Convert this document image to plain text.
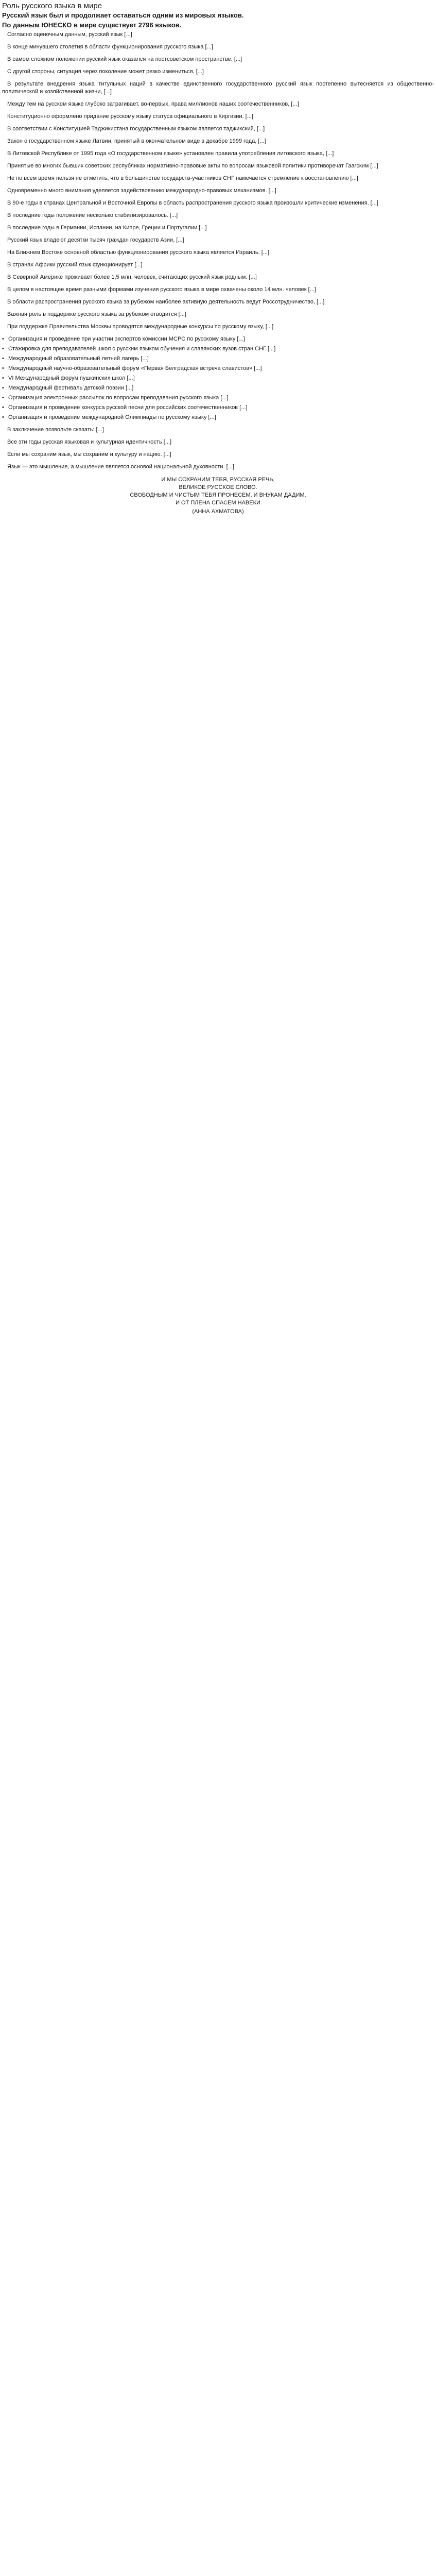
Роль русского языка в мире
Русский язык был и продолжает оставаться одним из мировых языков.
По данным ЮНЕСКО в мире существует 2796 языков.

Согласно оценочным данным, русский язык [...]

В конце минувшего столетия в области функционирования русского языка [...]

В самом сложном положении русский язык оказался на постсоветском пространстве. [...]

С другой стороны, ситуация через поколение может резко измениться, [...]

В результате внедрения языка титульных наций в качестве единственного государственного русский язык постепенно вытесняется из общественно-политической и хозяйственной жизни, [...]

Между тем на русском языке глубоко затрагивает, во-первых, права миллионов наших соотечественников, [...]

Конституционно оформлено придание русскому языку статуса официального в Киргизии. [...]

В соответствии с Конституцией Таджикистана государственным языком является таджикский, [...]

Закон о государственном языке Латвии, принятый в окончательном виде в декабре 1999 года, [...]

В Литовской Республике от 1995 года «О государственном языке» установлен правила употребления литовского языка, [...]

Принятые во многих бывших советских республиках нормативно-правовые акты по вопросам языковой политики противоречат Гаагским [...]

Не по всем время нельзя не отметить, что в большинстве государств-участников СНГ намечается стремление к восстановлению [...]

Одновременно много внимания уделяется задействованию международно-правовых механизмов. [...]

В 90-е годы в странах Центральной и Восточной Европы в область распространения русского языка произошли критические изменения. [...]

В последние годы положение несколько стабилизировалось. [...]

В последние годы в Германии, Испании, на Кипре, Греции и Португалии [...]

Русский язык владеют десятки тысяч граждан государств Азии, [...]

На Ближнем Востоке основной областью функционирования русского языка является Израиль. [...]

В странах Африки русский язык функционирует [...]

В Северной Америке проживает более 1,5 млн. человек, считающих русский язык родным. [...]

В целом в настоящее время разными формами изучения русского языка в мире охвачены около 14 млн. человек [...]

В области распространения русского языка за рубежом наиболее активную деятельность ведут Россотрудничество, [...]

Важная роль в поддержке русского языка за рубежом отводится [...]

При поддержке Правительства Москвы проводятся международные конкурсы по русскому языку, [...]

• Организация и проведение при участии экспертов комиссии МСРС по русскому языку [...]
• Стажировка для преподавателей школ с русским языком обучения и славянских вузов стран СНГ [...]
• Международный образовательный летний лагерь [...]
• Международный научно-образовательный форум «Первая Белградская встреча славистов» [...]
• VI Международный форум пушкинских школ [...]
• Международный фестиваль детской поэзии [...]
• Организация электронных рассылок по вопросам преподавания русского языка [...]
• Организация и проведение конкурса русской песни для российских соотечественников [...]
• Организация и проведение международной Олимпиады по русскому языку [...]

В заключение позвольте сказать: [...]

Все эти годы русская языковая и культурная идентичность [...]

Если мы сохраним язык, мы сохраним и культуру и нацию. [...]

Язык — это мышление, а мышление является основой национальной духовности. [...]

И МЫ СОХРАНИМ ТЕБЯ, РУССКАЯ РЕЧЬ,
ВЕЛИКОЕ РУССКОЕ СЛОВО.
СВОБОДНЫМ И ЧИСТЫМ ТЕБЯ ПРОНЕСЕМ, И ВНУКАМ ДАДИМ,
И ОТ ПЛЕНА СПАСЕМ НАВЕКИ
(АННА АХМАТОВА)
